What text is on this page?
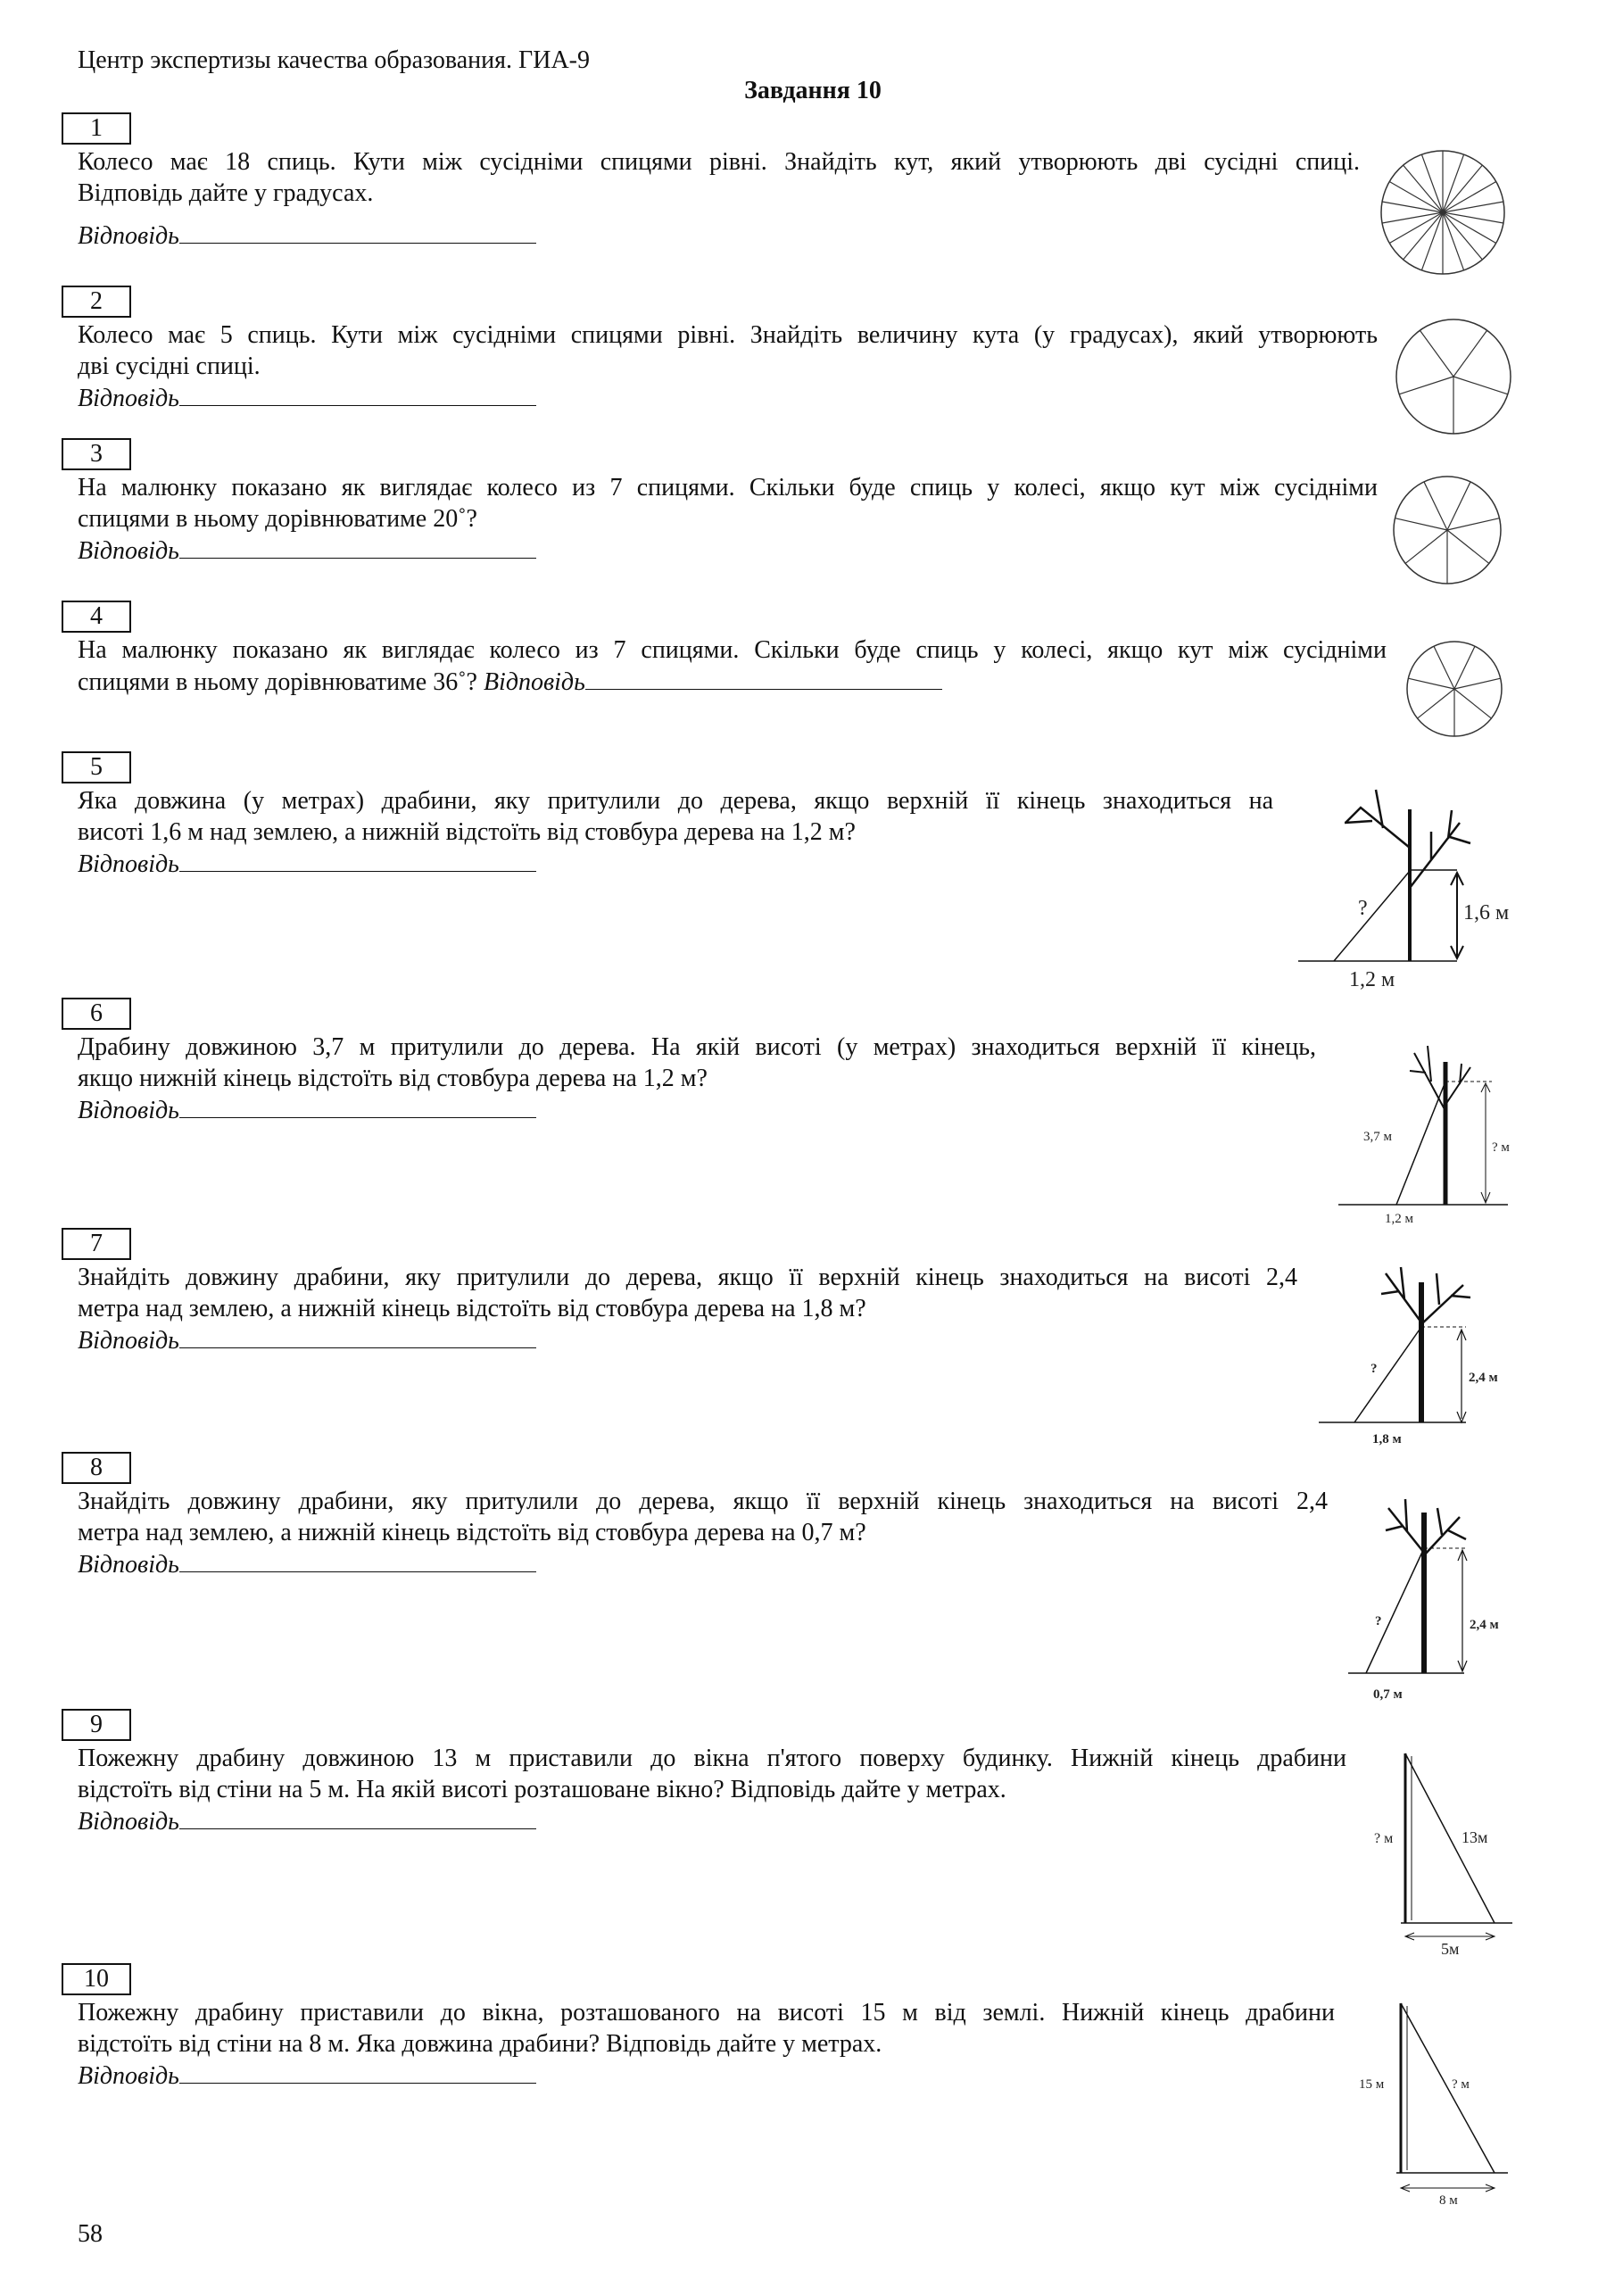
Центр экспертизы качества образования. ГИА-9
Завдання 10
1
Колесо має 18 спиць. Кути між сусідніми спицями рівні. Знайдіть кут, який утворюють дві сусідні спиці.
Відповідь дайте у градусах.
Відповідь
2
Колесо має 5 спиць. Кути між сусідніми спицями рівні. Знайдіть величину кута (у градусах), який утворюють
дві сусідні спиці.
Відповідь
3
На малюнку показано як виглядає колесо из 7 спицями. Скільки буде спиць у колесі, якщо кут між сусідніми
спицями в ньому дорівнюватиме 20˚?
Відповідь
4
На малюнку показано як виглядає колесо из 7 спицями. Скільки буде спиць у колесі, якщо кут між сусідніми
спицями в ньому дорівнюватиме 36˚? Відповідь
5
Яка довжина (у метрах) драбини, яку притулили до дерева, якщо верхній її кінець знаходиться на
висоті 1,6 м над землею, а нижній відстоїть від стовбура дерева на 1,2 м?
Відповідь
6
Драбину довжиною 3,7 м притулили до дерева. На якій висоті (у метрах) знаходиться верхній її кінець,
якщо нижній кінець відстоїть від стовбура дерева на 1,2 м?
Відповідь
7
Знайдіть довжину драбини, яку притулили до дерева, якщо її верхній кінець знаходиться на висоті 2,4
метра над землею, а нижній кінець відстоїть від стовбура дерева на 1,8 м?
Відповідь
8
Знайдіть довжину драбини, яку притулили до дерева, якщо її верхній кінець знаходиться на висоті 2,4
метра над землею, а нижній кінець відстоїть від стовбура дерева на 0,7 м?
Відповідь
9
Пожежну драбину довжиною 13 м приставили до вікна п'ятого поверху будинку. Нижній кінець драбини
відстоїть від стіни на 5 м. На якій висоті розташоване вікно? Відповідь дайте у метрах.
Відповідь
10
Пожежну драбину приставили до вікна, розташованого на висоті 15 м від землі. Нижній кінець драбини
відстоїть від стіни на 8 м. Яка довжина драбини? Відповідь дайте у метрах.
Відповідь
?	1,6 м
1,2 м
3,7 м
? м
1,2 м
?
2,4 м
1,8 м
?	2,4 м
0,7 м
? м	13м
5м
15 м	? м
8 м
58
